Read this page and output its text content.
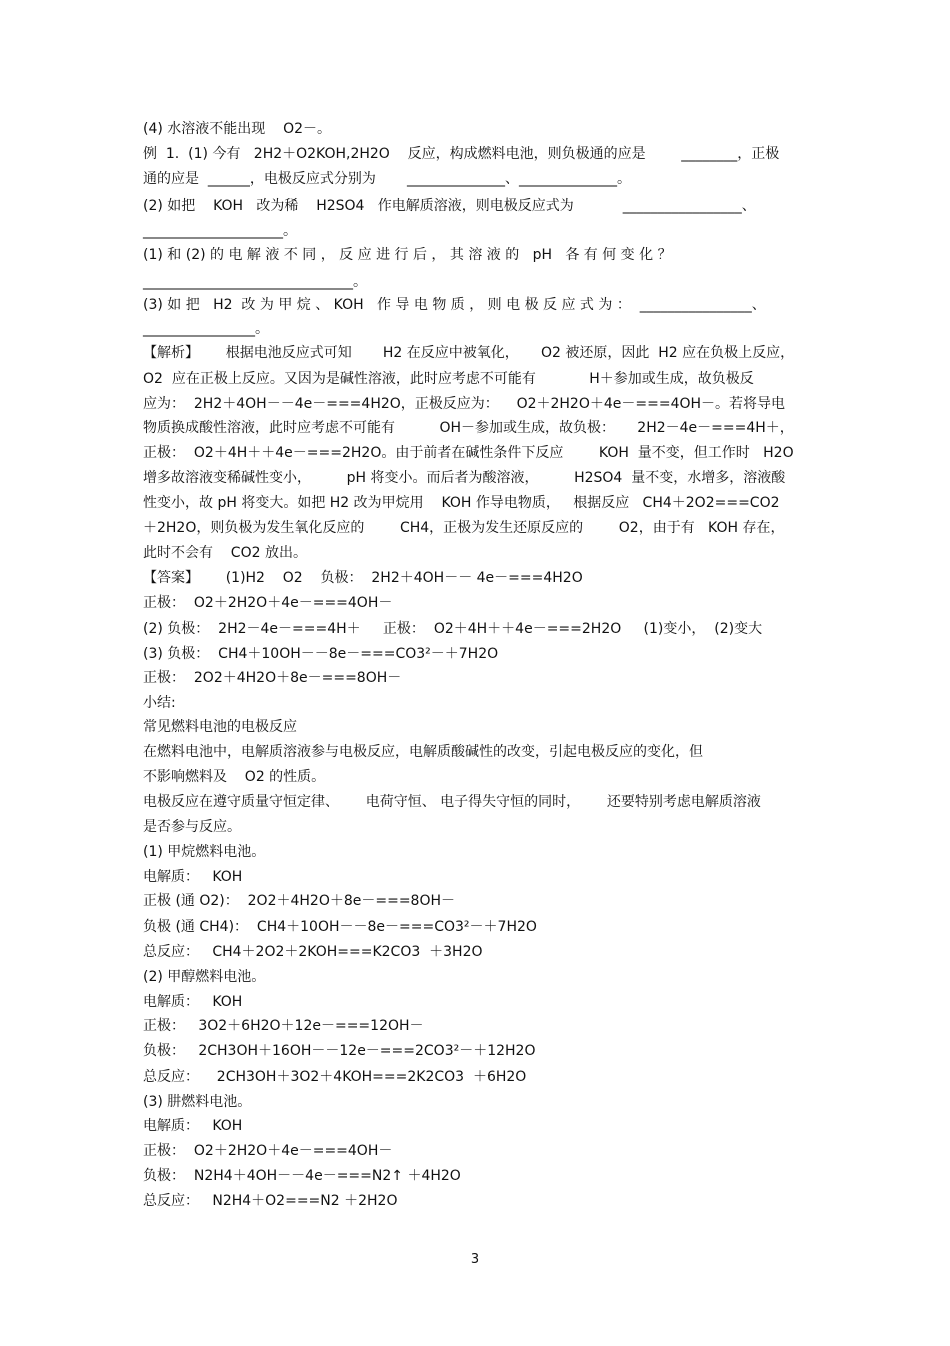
(4) 水溶液不能出现    O2－。
例  1.  (1) 今有   2H2＋O2KOH,2H2O    反应，构成燃料电池，则负极通的应是        ________，正极
通的应是  ______，电极反应式分别为       ______________、______________。
(2) 如把    KOH   改为稀    H2SO4   作电解质溶液，则电极反应式为           _________________、
____________________。
(1) 和 (2) 的 电 解 液 不 同 ， 反 应 进 行 后 ， 其 溶 液 的   pH   各 有 何 变 化 ？
______________________________。
(3) 如 把   H2  改 为 甲 烷 、 KOH   作 导 电 物 质 ， 则 电 极 反 应 式 为 ：  ________________、
________________。
【解析】      根据电池反应式可知       H2 在反应中被氧化，     O2 被还原，因此  H2 应在负极上反应，
O2  应在正极上反应。又因为是碱性溶液，此时应考虑不可能有            H＋参加或生成，故负极反
应为：  2H2＋4OH－－4e－===4H2O，正极反应为：    O2＋2H2O＋4e－===4OH－。若将导电
物质换成酸性溶液，此时应考虑不可能有          OH－参加或生成，故负极：     2H2－4e－===4H＋，
正极：  O2＋4H＋＋4e－===2H2O。由于前者在碱性条件下反应        KOH  量不变，但工作时   H2O
增多故溶液变稀碱性变小，        pH 将变小。而后者为酸溶液，        H2SO4  量不变，水增多，溶液酸
性变小，故 pH 将变大。如把 H2 改为甲烷用    KOH 作导电物质，   根据反应   CH4＋2O2===CO2
＋2H2O，则负极为发生氧化反应的        CH4，正极为发生还原反应的        O2，由于有   KOH 存在，
此时不会有    CO2 放出。
【答案】      (1)H2    O2    负极：  2H2＋4OH－－ 4e－===4H2O
正极：  O2＋2H2O＋4e－===4OH－
(2) 负极：  2H2－4e－===4H＋     正极：  O2＋4H＋＋4e－===2H2O     (1)变小，  (2)变大
(3) 负极：  CH4＋10OH－－8e－===CO3²－＋7H2O
正极：  2O2＋4H2O＋8e－===8OH－
小结:
常见燃料电池的电极反应
在燃料电池中，电解质溶液参与电极反应，电解质酸碱性的改变，引起电极反应的变化，但
不影响燃料及    O2 的性质。
电极反应在遵守质量守恒定律、      电荷守恒、 电子得失守恒的同时，      还要特别考虑电解质溶液
是否参与反应。
(1) 甲烷燃料电池。
电解质：   KOH
正极 (通 O2)：  2O2＋4H2O＋8e－===8OH－
负极 (通 CH4)：  CH4＋10OH－－8e－===CO3²－＋7H2O
总反应：   CH4＋2O2＋2KOH===K2CO3  ＋3H2O
(2) 甲醇燃料电池。
电解质：   KOH
正极：   3O2＋6H2O＋12e－===12OH－
负极：   2CH3OH＋16OH－－12e－===2CO3²－＋12H2O
总反应：    2CH3OH＋3O2＋4KOH===2K2CO3  ＋6H2O
(3) 肼燃料电池。
电解质：   KOH
正极：  O2＋2H2O＋4e－===4OH－
负极：  N2H4＋4OH－－4e－===N2↑ ＋4H2O
总反应：   N2H4＋O2===N2 ＋2H2O
3
